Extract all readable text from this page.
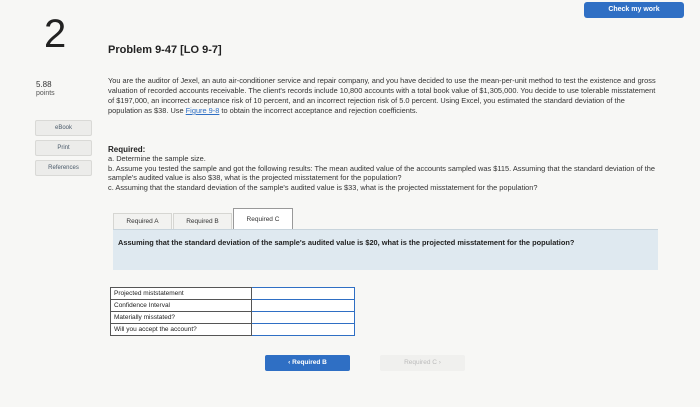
2
5.88
points
eBook
Print
References
Check my work
Problem 9-47 [LO 9-7]
You are the auditor of Jexel, an auto air-conditioner service and repair company, and you have decided to use the mean-per-unit method to test the existence and gross valuation of recorded accounts receivable. The client's records include 10,800 accounts with a total book value of $1,305,000. You decide to use tolerable misstatement of $197,000, an incorrect acceptance risk of 10 percent, and an incorrect rejection risk of 5.0 percent. Using Excel, you estimated the standard deviation of the population as $38. Use Figure 9-8 to obtain the incorrect acceptance and rejection coefficients.
Required:
a. Determine the sample size.
b. Assume you tested the sample and got the following results: The mean audited value of the accounts sampled was $115. Assuming that the standard deviation of the sample's audited value is also $38, what is the projected misstatement for the population?
c. Assuming that the standard deviation of the sample's audited value is $33, what is the projected misstatement for the population?
Required A	Required B	Required C
Assuming that the standard deviation of the sample's audited value is $20, what is the projected misstatement for the population?
Projected miststatement	
Confidence Interval	
Materially misstated?	
Will you accept the account?	
‹ Required B	Required C ›
